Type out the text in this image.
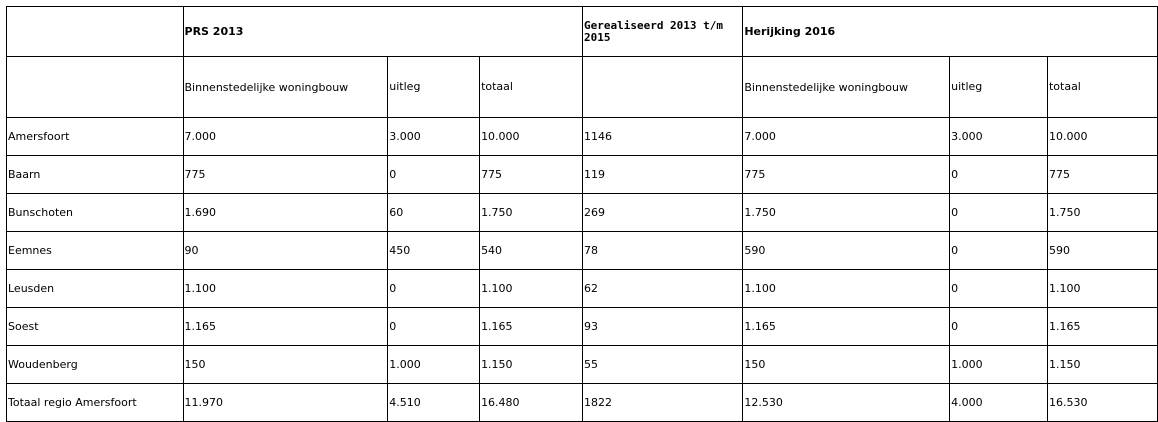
	PRS 2013			Gerealiseerd 2013 t/m 2015	Herijking 2016		

	Binnenstedelijke woningbouw	uitleg	totaal		Binnenstedelijke woningbouw	uitleg	totaal
Amersfoort	7.000	3.000	10.000	1146	7.000	3.000	10.000
Baarn	775	0	775	119	775	0	775
Bunschoten	1.690	60	1.750	269	1.750	0	1.750
Eemnes	90	450	540	78	590	0	590
Leusden	1.100	0	1.100	62	1.100	0	1.100
Soest	1.165	0	1.165	93	1.165	0	1.165
Woudenberg	150	1.000	1.150	55	150	1.000	1.150
Totaal regio Amersfoort	11.970	4.510	16.480	1822	12.530	4.000	16.530
